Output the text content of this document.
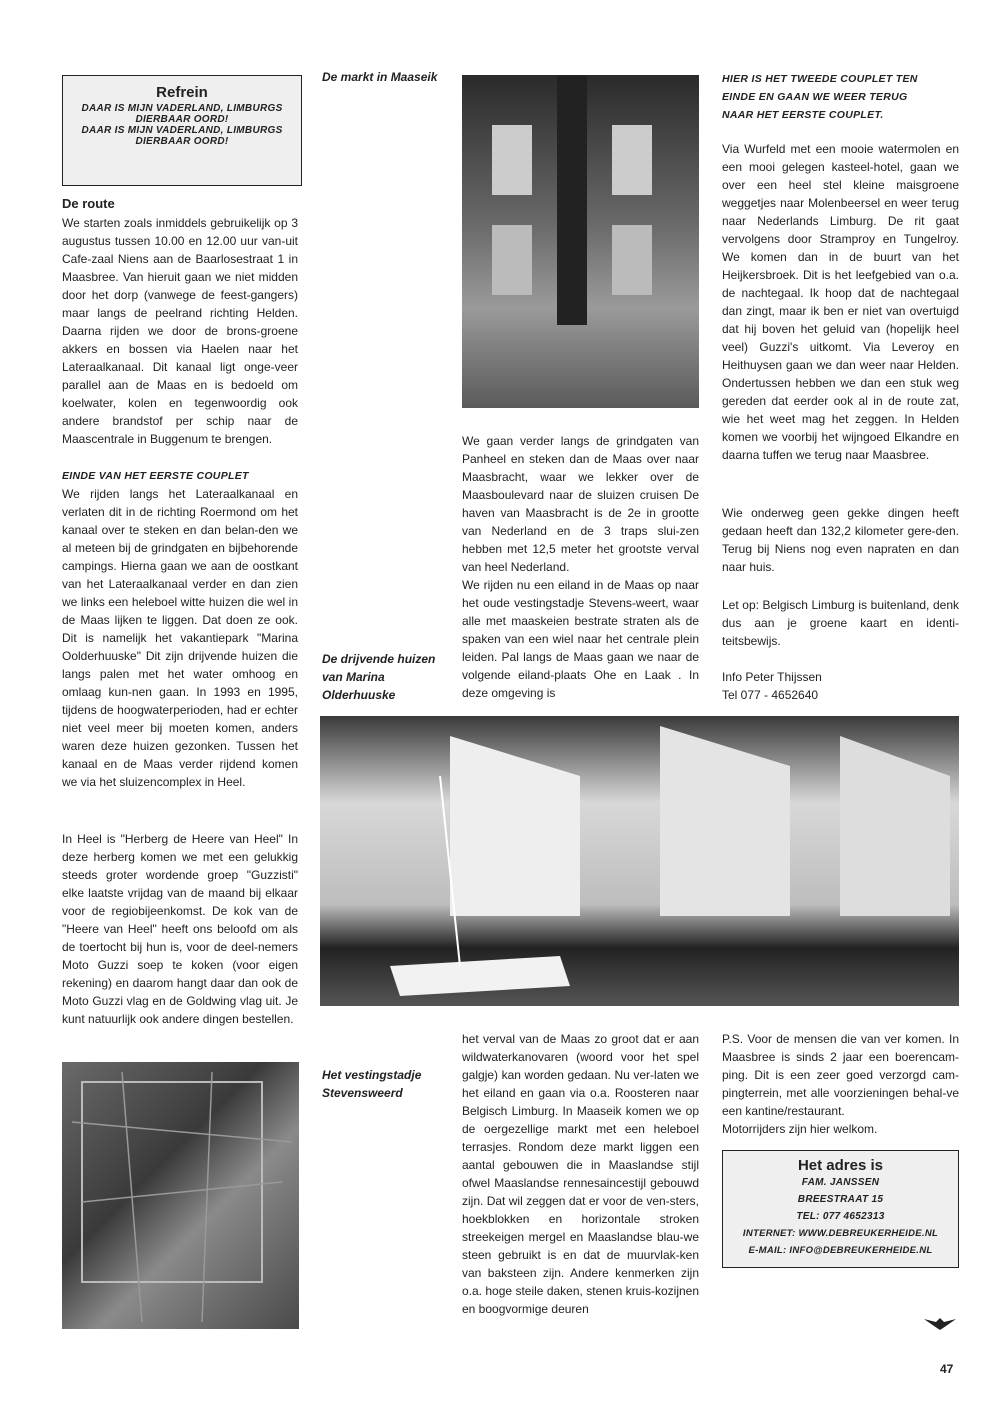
Refrein
DAAR IS MIJN VADERLAND, LIMBURGS
DIERBAAR OORD!
DAAR IS MIJN VADERLAND, LIMBURGS
DIERBAAR OORD!
De route

We starten zoals inmiddels gebruikelijk op 3 augustus tussen 10.00 en 12.00 uur van-uit Cafe-zaal Niens aan de Baarlosestraat 1 in Maasbree. Van hieruit gaan we niet midden door het dorp (vanwege de feest-gangers) maar langs de peelrand richting Helden. Daarna rijden we door de brons-groene akkers en bossen via Haelen naar het Lateraalkanaal. Dit kanaal ligt onge-veer parallel aan de Maas en is bedoeld om koelwater, kolen en tegenwoordig ook andere brandstof per schip naar de Maascentrale in Buggenum te brengen.

EINDE VAN HET EERSTE COUPLET

We rijden langs het Lateraalkanaal en verlaten dit in de richting Roermond om het kanaal over te steken en dan belan-den we al meteen bij de grindgaten en bijbehorende campings. Hierna gaan we aan de oostkant van het Lateraalkanaal verder en dan zien we links een heleboel witte huizen die wel in de Maas lijken te liggen. Dat doen ze ook. Dit is namelijk het vakantiepark "Marina Oolderhuuske" Dit zijn drijvende huizen die langs palen met het water omhoog en omlaag kun-nen gaan. In 1993 en 1995, tijdens de hoogwaterperioden, had er echter niet veel meer bij moeten komen, anders waren deze huizen gezonken. Tussen het kanaal en de Maas verder rijdend komen we via het sluizencomplex in Heel.

In Heel is "Herberg de Heere van Heel" In deze herberg komen we met een gelukkig steeds groter wordende groep "Guzzisti" elke laatste vrijdag van de maand bij elkaar voor de regiobijeenkomst. De kok van de "Heere van Heel" heeft ons beloofd om als de toertocht bij hun is, voor de deel-nemers Moto Guzzi soep te koken (voor eigen rekening) en daarom hangt daar dan ook de Moto Guzzi vlag en de Goldwing vlag uit. Je kunt natuurlijk ook andere dingen bestellen.

De markt in Maaseik
De drijvende huizen
van Marina
Olderhuuske
Het vestingstadje
Stevensweerd

We gaan verder langs de grindgaten van Panheel en steken dan de Maas over naar Maasbracht, waar we lekker over de Maasboulevard naar de sluizen cruisen De haven van Maasbracht is de 2e in grootte van Nederland en de 3 traps slui-zen hebben met 12,5 meter het grootste verval van heel Nederland.

We rijden nu een eiland in de Maas op naar het oude vestingstadje Stevens-weert, waar alle met maaskeien bestrate straten als de spaken van een wiel naar het centrale plein leiden. Pal langs de Maas gaan we naar de volgende eiland-plaats Ohe en Laak . In deze omgeving is

het verval van de Maas zo groot dat er aan wildwaterkanovaren (woord voor het spel galgje) kan worden gedaan. Nu ver-laten we het eiland en gaan via o.a. Roosteren naar Belgisch Limburg. In Maaseik komen we op de oergezellige markt met een heleboel terrasjes. Rondom deze markt liggen een aantal gebouwen die in Maaslandse stijl ofwel Maaslandse rennesaincestijl gebouwd zijn. Dat wil zeggen dat er voor de ven-sters, hoekblokken en horizontale stroken streekeigen mergel en Maaslandse blau-we steen gebruikt is en dat de muurvlak-ken van baksteen zijn. Andere kenmerken zijn o.a. hoge steile daken, stenen kruis-kozijnen en boogvormige deuren

HIER IS HET TWEEDE COUPLET TEN
EINDE EN GAAN WE WEER TERUG
NAAR HET EERSTE COUPLET.

Via Wurfeld met een mooie watermolen en een mooi gelegen kasteel-hotel, gaan we over een heel stel kleine maisgroene weggetjes naar Molenbeersel en weer terug naar Nederlands Limburg. De rit gaat vervolgens door Stramproy en Tungelroy. We komen dan in de buurt van het Heijkersbroek. Dit is het leefgebied van o.a. de nachtegaal. Ik hoop dat de nachtegaal dan zingt, maar ik ben er niet van overtuigd dat hij boven het geluid van (hopelijk heel veel) Guzzi's uitkomt. Via Leveroy en Heithuysen gaan we dan weer naar Helden. Ondertussen hebben we dan een stuk weg gereden dat eerder ook al in de route zat, wie het weet mag het zeggen. In Helden komen we voorbij het wijngoed Elkandre en daarna tuffen we terug naar Maasbree.

Wie onderweg geen gekke dingen heeft gedaan heeft dan 132,2 kilometer gere-den. Terug bij Niens nog even napraten en dan naar huis.

Let op: Belgisch Limburg is buitenland, denk dus aan je groene kaart en identi-teitsbewijs.

Info Peter Thijssen
Tel 077 - 4652640

P.S. Voor de mensen die van ver komen. In Maasbree is sinds 2 jaar een boerencam-ping. Dit is een zeer goed verzorgd cam-pingterrein, met alle voorzieningen behal-ve een kantine/restaurant.

Motorrijders zijn hier welkom.
Het adres is
FAM. JANSSEN
BREESTRAAT 15
TEL: 077 4652313
INTERNET: WWW.DEBREUKERHEIDE.NL
E-MAIL: INFO@DEBREUKERHEIDE.NL
47
